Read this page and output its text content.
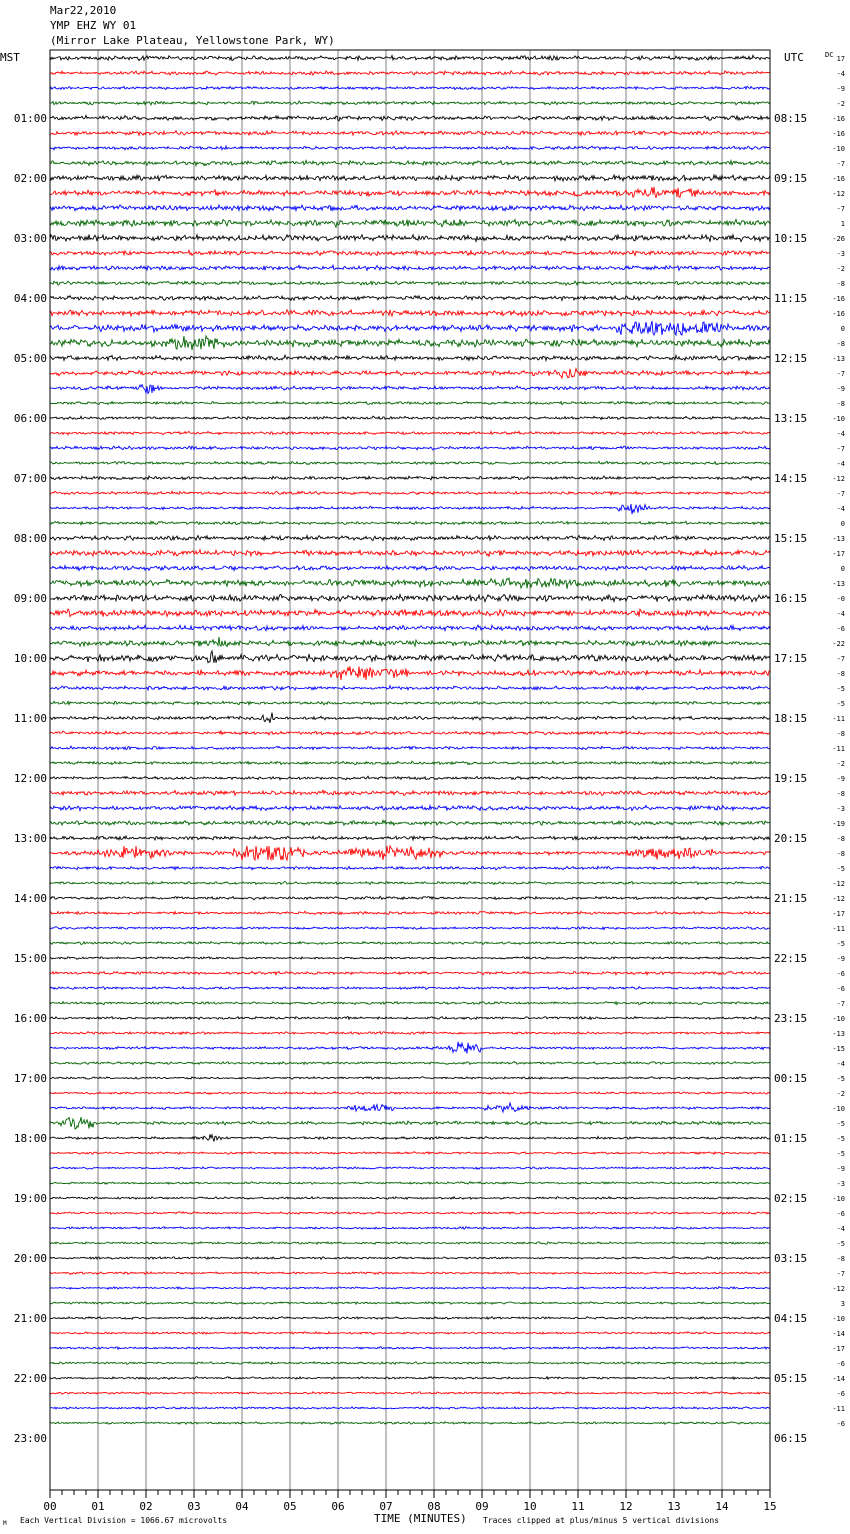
Mar22,2010
YMP EHZ WY 01
(Mirror Lake Plateau, Yellowstone Park, WY)
MST
01:00
02:00
03:00
04:00
05:00
06:00
07:00
08:00
09:00
10:00
11:00
12:00
13:00
14:00
15:00
16:00
17:00
18:00
19:00
20:00
21:00
22:00
23:00
UTC	DC
08:15
09:15
10:15
11:15
12:15
13:15
14:15
15:15
16:15
17:15
18:15
19:15
20:15
21:15
22:15
23:15
00:15
01:15
02:15
03:15
04:15
05:15
06:15
17
-4
-9
-2
-16
-16
-10
-7
-16
-12
-7
1
-26
-3
-2
-8
-16
-16
0
-8
-13
-7
-9
-8
-10
-4
-7
-4
-12
-7
-4
0
-13
-17
0
-13
-0
-4
-6
-22
-7
-8
-5
-5
-11
-8
-11
-2
-9
-8
-3
-19
-8
-8
-5
-12
-12
-17
-11
-5
-9
-6
-6
-7
-10
-13
-15
-4
-5
-2
-10
-5
-5
-5
-9
-3
-10
-6
-4
-5
-8
-7
-12
3
-10
-14
-17
-6
-14
-6
-11
-6
00	01	02	03	04	05	06	07	08	09	10	11	12	13	14	15
M Each Vertical Division = 1066.67 microvolts	TIME (MINUTES) Traces clipped at plus/minus 5 vertical divisions
